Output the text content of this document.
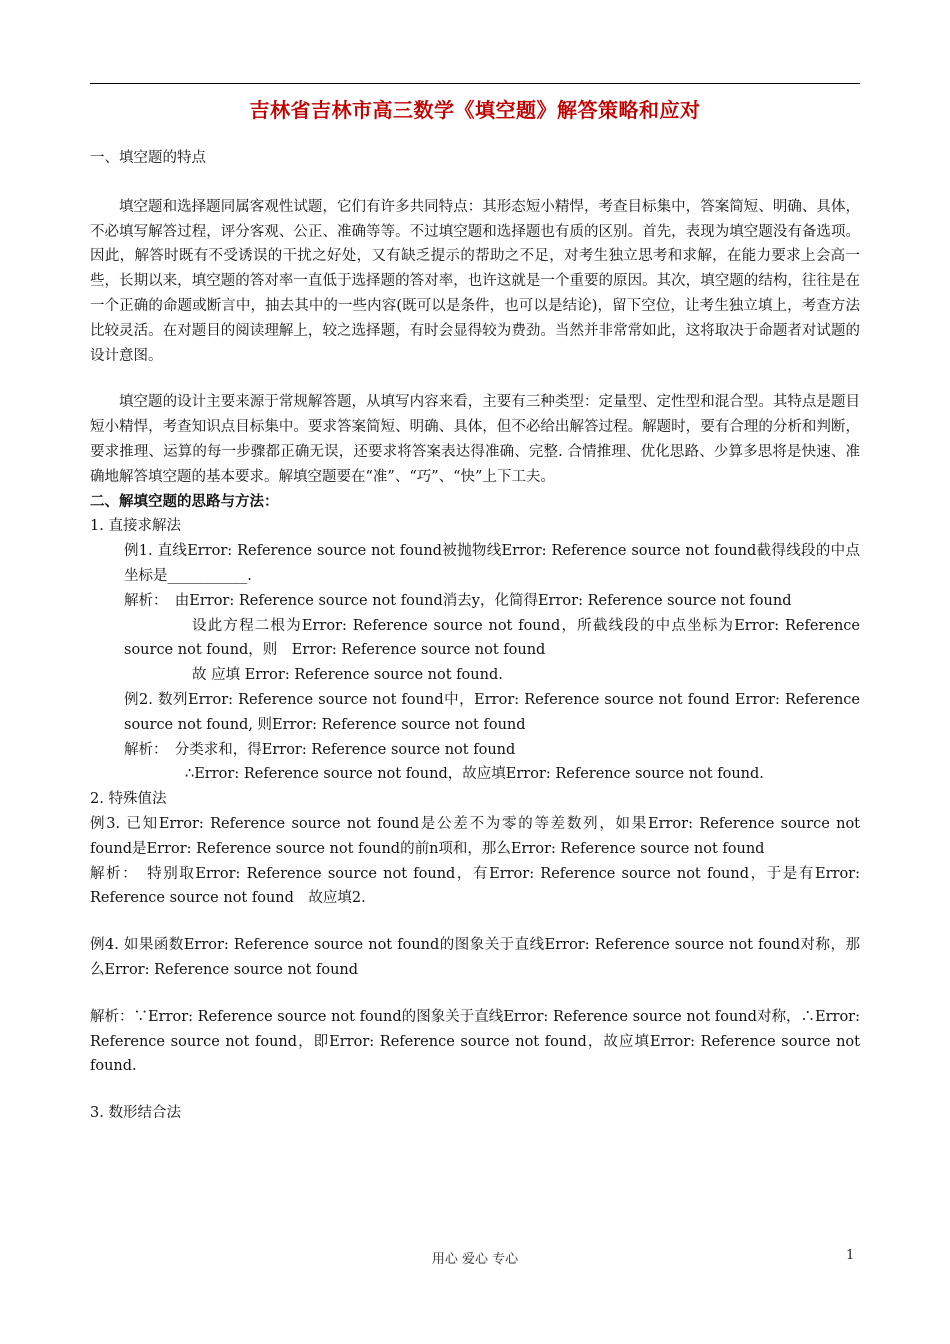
吉林省吉林市高三数学《填空题》解答策略和应对

一、填空题的特点

填空题和选择题同属客观性试题，它们有许多共同特点：其形态短小精悍，考查目标集中，答案简短、明确、具体，不必填写解答过程，评分客观、公正、准确等等。不过填空题和选择题也有质的区别。首先，表现为填空题没有备选项。因此，解答时既有不受诱误的干扰之好处，又有缺乏提示的帮助之不足，对考生独立思考和求解，在能力要求上会高一些，长期以来，填空题的答对率一直低于选择题的答对率，也许这就是一个重要的原因。其次，填空题的结构，往往是在一个正确的命题或断言中，抽去其中的一些内容(既可以是条件，也可以是结论)，留下空位，让考生独立填上，考查方法比较灵活。在对题目的阅读理解上，较之选择题，有时会显得较为费劲。当然并非常常如此，这将取决于命题者对试题的设计意图。

填空题的设计主要来源于常规解答题，从填写内容来看，主要有三种类型：定量型、定性型和混合型。其特点是题目短小精悍，考查知识点目标集中。要求答案简短、明确、具体，但不必给出解答过程。解题时，要有合理的分析和判断，要求推理、运算的每一步骤都正确无误，还要求将答案表达得准确、完整. 合情推理、优化思路、少算多思将是快速、准确地解答填空题的基本要求。解填空题要在“准”、“巧”、“快”上下工夫。

二、解填空题的思路与方法：

1. 直接求解法

例1. 直线Error: Reference source not found被抛物线Error: Reference source not found截得线段的中点坐标是___________.

解析：　由Error: Reference source not found消去y，化简得Error: Reference source not found

设此方程二根为Error: Reference source not found，所截线段的中点坐标为Error: Reference source not found，则　Error: Reference source not found

故 应填 Error: Reference source not found.

例2. 数列Error: Reference source not found中，Error: Reference source not found Error: Reference source not found, 则Error: Reference source not found

解析：　分类求和，得Error: Reference source not found

∴Error: Reference source not found，故应填Error: Reference source not found.

2. 特殊值法

例3. 已知Error: Reference source not found是公差不为零的等差数列，如果Error: Reference source not found是Error: Reference source not found的前n项和，那么Error: Reference source not found

解析：　特别取Error: Reference source not found，有Error: Reference source not found，于是有Error: Reference source not found　故应填2.

例4. 如果函数Error: Reference source not found的图象关于直线Error: Reference source not found对称，那么Error: Reference source not found

解析：∵Error: Reference source not found的图象关于直线Error: Reference source not found对称，∴Error: Reference source not found，即Error: Reference source not found，故应填Error: Reference source not found.

3. 数形结合法

用心 爱心 专心	1
